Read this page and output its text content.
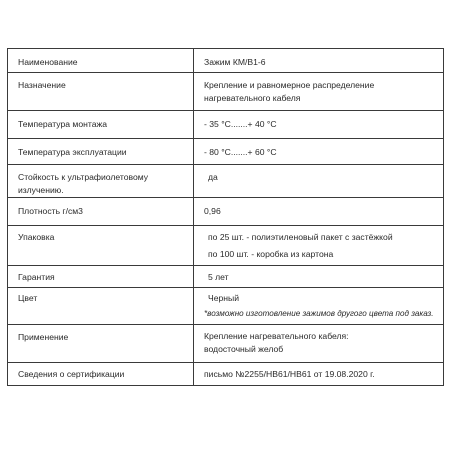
Наименование	Зажим КМ/В1-6

Назначение	Крепление и равномерное распределение нагревательного кабеля

Температура монтажа	- 35 °С.......+ 40 °С

Температура эксплуатации	- 80 °С.......+ 60 °С

Стойкость к ультрафиолетовому излучению.	да

Плотность г/см3	0,96

Упаковка	по 25 шт. - полиэтиленовый пакет с застёжкой
по 100 шт. - коробка из картона

Гарантия	5 лет

Цвет	Черный
*возможно изготовление зажимов другого цвета под заказ.

Применение	Крепление нагревательного кабеля:
водосточный желоб

Сведения о сертификации	письмо №2255/НВ61/НВ61 от 19.08.2020 г.
